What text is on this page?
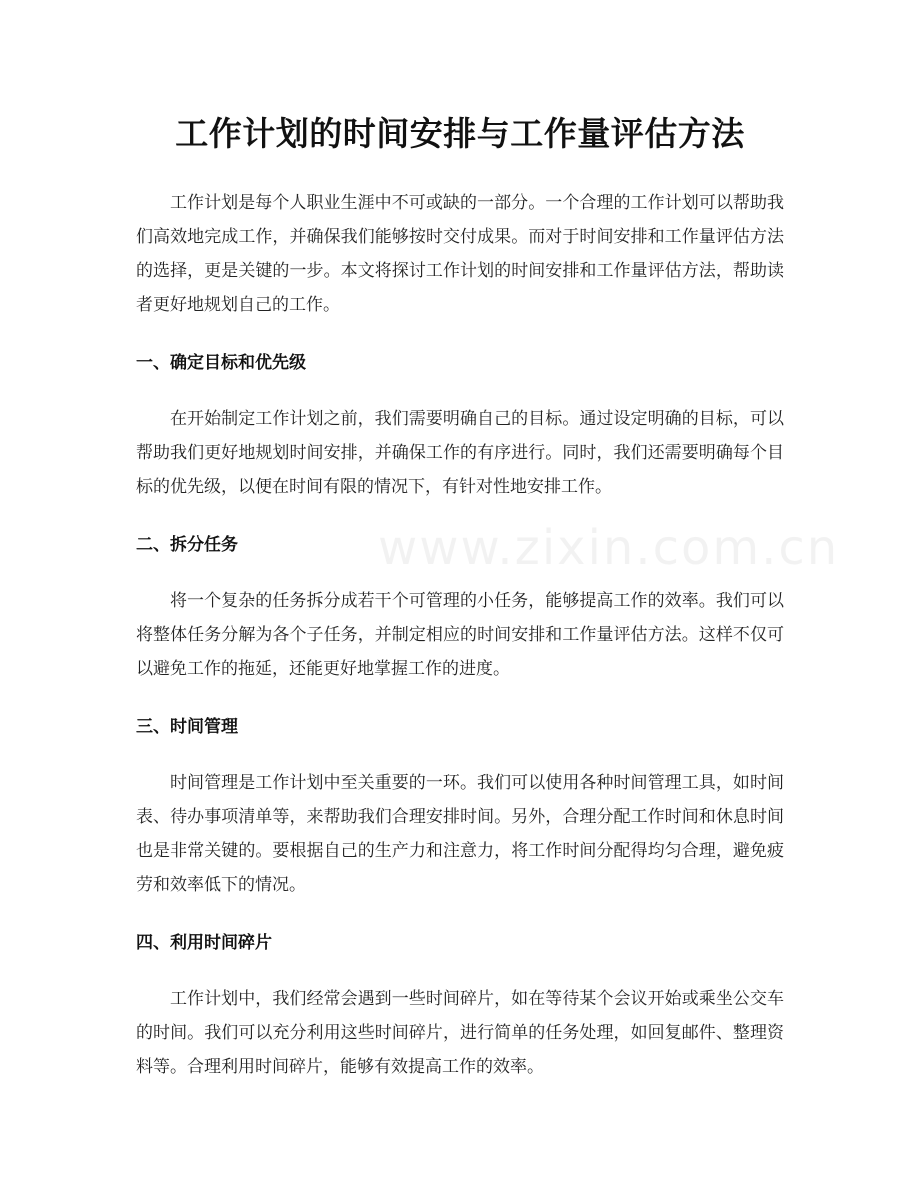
工作计划的时间安排与工作量评估方法

工作计划是每个人职业生涯中不可或缺的一部分。一个合理的工作计划可以帮助我们高效地完成工作，并确保我们能够按时交付成果。而对于时间安排和工作量评估方法的选择，更是关键的一步。本文将探讨工作计划的时间安排和工作量评估方法，帮助读者更好地规划自己的工作。

一、确定目标和优先级

在开始制定工作计划之前，我们需要明确自己的目标。通过设定明确的目标，可以帮助我们更好地规划时间安排，并确保工作的有序进行。同时，我们还需要明确每个目标的优先级，以便在时间有限的情况下，有针对性地安排工作。

二、拆分任务

将一个复杂的任务拆分成若干个可管理的小任务，能够提高工作的效率。我们可以将整体任务分解为各个子任务，并制定相应的时间安排和工作量评估方法。这样不仅可以避免工作的拖延，还能更好地掌握工作的进度。

三、时间管理

时间管理是工作计划中至关重要的一环。我们可以使用各种时间管理工具，如时间表、待办事项清单等，来帮助我们合理安排时间。另外，合理分配工作时间和休息时间也是非常关键的。要根据自己的生产力和注意力，将工作时间分配得均匀合理，避免疲劳和效率低下的情况。

四、利用时间碎片

工作计划中，我们经常会遇到一些时间碎片，如在等待某个会议开始或乘坐公交车的时间。我们可以充分利用这些时间碎片，进行简单的任务处理，如回复邮件、整理资料等。合理利用时间碎片，能够有效提高工作的效率。

www.zixin.com.cn
